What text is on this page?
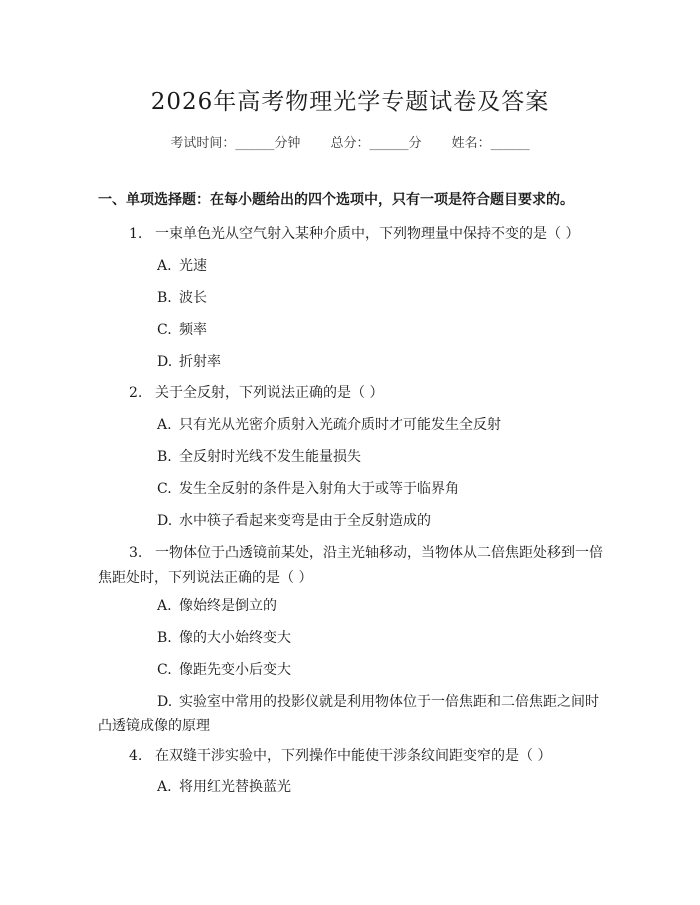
2026年高考物理光学专题试卷及答案
考试时间：______分钟 总分：______分 姓名：______
一、单项选择题：在每小题给出的四个选项中，只有一项是符合题目要求的。
1. 一束单色光从空气射入某种介质中，下列物理量中保持不变的是（ ）
A. 光速
B. 波长
C. 频率
D. 折射率
2. 关于全反射，下列说法正确的是（ ）
A. 只有光从光密介质射入光疏介质时才可能发生全反射
B. 全反射时光线不发生能量损失
C. 发生全反射的条件是入射角大于或等于临界角
D. 水中筷子看起来变弯是由于全反射造成的
3. 一物体位于凸透镜前某处，沿主光轴移动，当物体从二倍焦距处移到一倍
焦距处时，下列说法正确的是（ ）
A. 像始终是倒立的
B. 像的大小始终变大
C. 像距先变小后变大
D. 实验室中常用的投影仪就是利用物体位于一倍焦距和二倍焦距之间时
凸透镜成像的原理
4. 在双缝干涉实验中，下列操作中能使干涉条纹间距变窄的是（ ）
A. 将用红光替换蓝光
